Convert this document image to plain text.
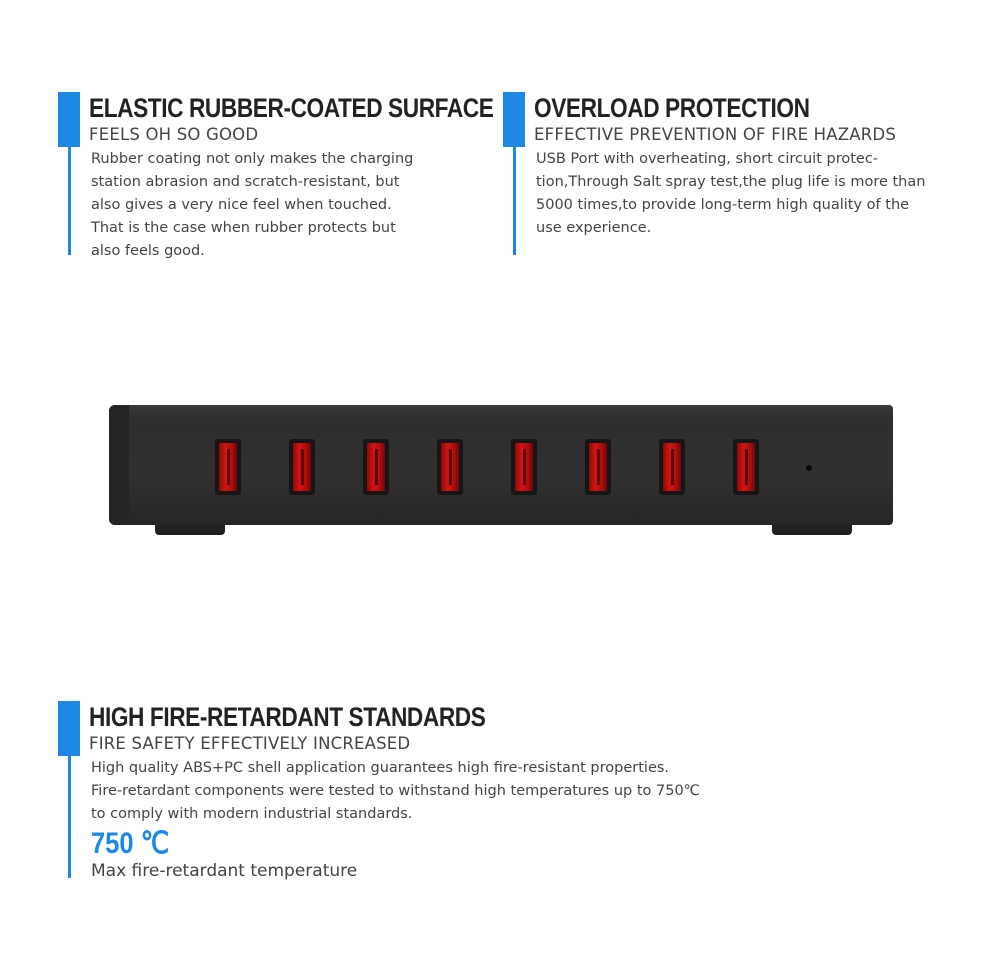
ELASTIC RUBBER-COATED SURFACE

FEELS OH SO GOOD

Rubber coating not only makes the charging
station abrasion and scratch-resistant, but
also gives a very nice feel when touched.
That is the case when rubber protects but
also feels good.
OVERLOAD PROTECTION

EFFECTIVE PREVENTION OF FIRE HAZARDS

USB Port with overheating, short circuit protec-
tion,Through Salt spray test,the plug life is more than
5000 times,to provide long-term high quality of the
use experience.
HIGH FIRE-RETARDANT STANDARDS

FIRE SAFETY EFFECTIVELY INCREASED

High quality ABS+PC shell application guarantees high fire-resistant properties.
Fire-retardant components were tested to withstand high temperatures up to 750℃
to comply with modern industrial standards.

750 ℃

Max fire-retardant temperature
